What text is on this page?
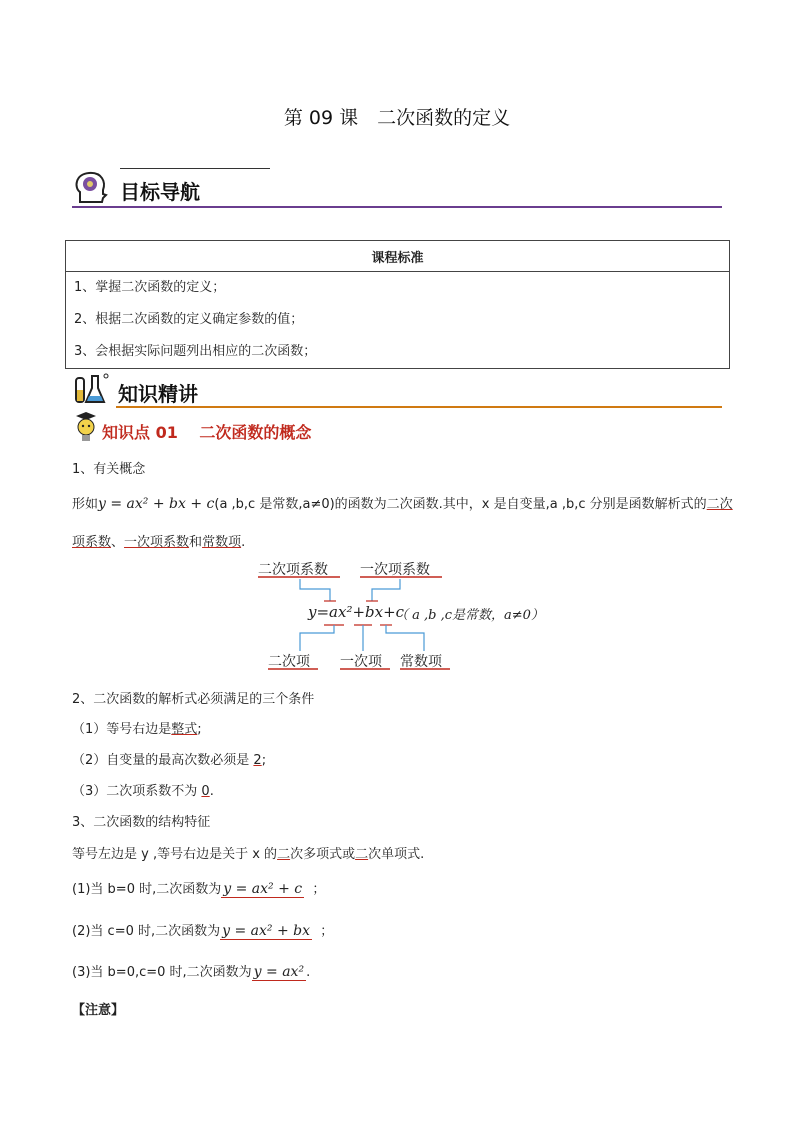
第 09 课　二次函数的定义
目标导航
课程标准

1、掌握二次函数的定义；
2、根据二次函数的定义确定参数的值；
3、会根据实际问题列出相应的二次函数；
知识精讲
知识点 01　 二次函数的概念
1、有关概念
形如y = ax² + bx + c(a ,b,c 是常数,a≠0)的函数为二次函数.其中，x 是自变量,a ,b,c 分别是函数解析式的二次
项系数、一次项系数和常数项.
二次项系数 一次项系数
y=ax²+bx+c
（ a ,b ,c是常数，a≠0）
二次项 一次项 常数项
2、二次函数的解析式必须满足的三个条件
（1）等号右边是整式;
（2）自变量的最高次数必须是 2;
（3）二次项系数不为 0.
3、二次函数的结构特征
等号左边是 y ,等号右边是关于 x 的二次多项式或二次单项式.
(1)当 b=0 时,二次函数为 y = ax² + c ；
(2)当 c=0 时,二次函数为 y = ax² + bx ；
(3)当 b=0,c=0 时,二次函数为 y = ax² .
【注意】
